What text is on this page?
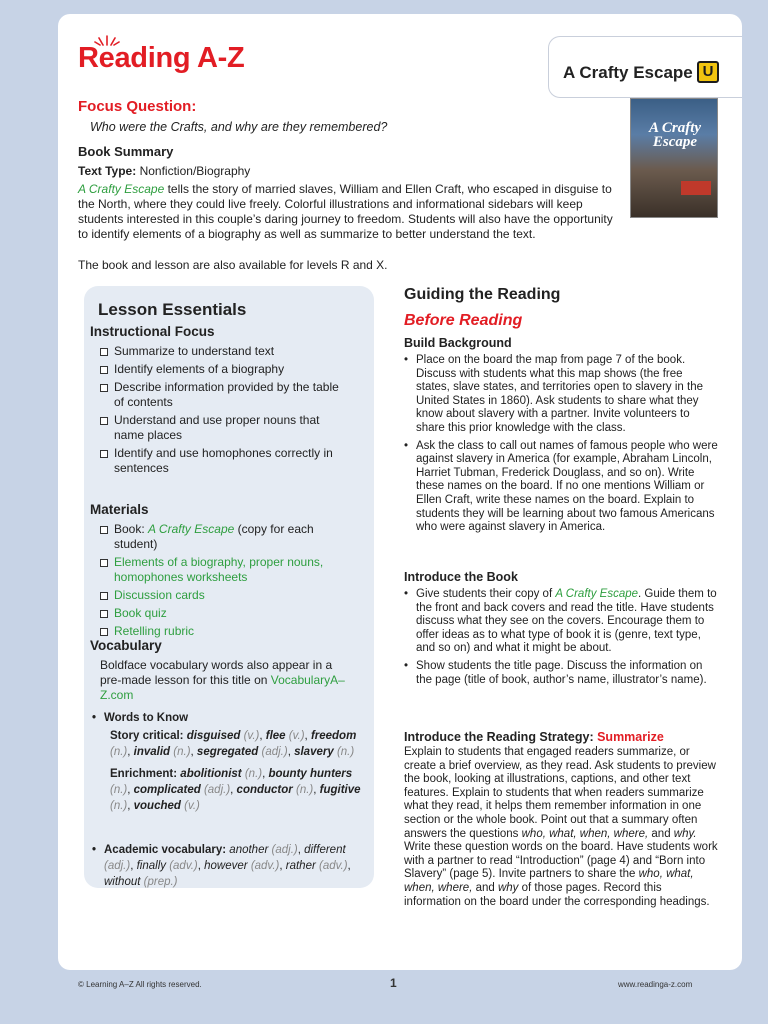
Reading A-Z	A Crafty Escape U
A Crafty Escape
Focus Question:
Who were the Crafts, and why are they remembered?
Book Summary
Text Type: Nonfiction/Biography
A Crafty Escape tells the story of married slaves, William and Ellen Craft, who escaped in disguise to the North, where they could live freely. Colorful illustrations and informational sidebars will keep students interested in this couple’s daring journey to freedom. Students will also have the opportunity to identify elements of a biography as well as summarize to better understand the text.
The book and lesson are also available for levels R and X.
Lesson Essentials
Instructional Focus
Summarize to understand text
Identify elements of a biography
Describe information provided by the table of contents
Understand and use proper nouns that name places
Identify and use homophones correctly in sentences
Materials
Book: A Crafty Escape (copy for each student)
Elements of a biography, proper nouns, homophones worksheets
Discussion cards
Book quiz
Retelling rubric
Vocabulary
Boldface vocabulary words also appear in a pre-made lesson for this title on VocabularyA–Z.com
• Words to Know
Story critical: disguised (v.), flee (v.), freedom (n.), invalid (n.), segregated (adj.), slavery (n.)
Enrichment: abolitionist (n.), bounty hunters (n.), complicated (adj.), conductor (n.), fugitive (n.), vouched (v.)
• Academic vocabulary: another (adj.), different (adj.), finally (adv.), however (adv.), rather (adv.), without (prep.)
Guiding the Reading
Before Reading
Build Background
• Place on the board the map from page 7 of the book. Discuss with students what this map shows (the free states, slave states, and territories open to slavery in the United States in 1860). Ask students to share what they know about slavery with a partner. Invite volunteers to share this prior knowledge with the class.
• Ask the class to call out names of famous people who were against slavery in America (for example, Abraham Lincoln, Harriet Tubman, Frederick Douglass, and so on). Write these names on the board. If no one mentions William or Ellen Craft, write these names on the board. Explain to students they will be learning about two famous Americans who were against slavery in America.
Introduce the Book
• Give students their copy of A Crafty Escape. Guide them to the front and back covers and read the title. Have students discuss what they see on the covers. Encourage them to offer ideas as to what type of book it is (genre, text type, and so on) and what it might be about.
• Show students the title page. Discuss the information on the page (title of book, author’s name, illustrator’s name).
Introduce the Reading Strategy: Summarize
Explain to students that engaged readers summarize, or create a brief overview, as they read. Ask students to preview the book, looking at illustrations, captions, and other text features. Explain to students that when readers summarize what they read, it helps them remember information in one section or the whole book. Point out that a summary often answers the questions who, what, when, where, and why. Write these question words on the board. Have students work with a partner to read “Introduction” (page 4) and “Born into Slavery” (page 5). Invite partners to share the who, what, when, where, and why of those pages. Record this information on the board under the corresponding headings.
© Learning A–Z All rights reserved.	1	www.readinga-z.com
